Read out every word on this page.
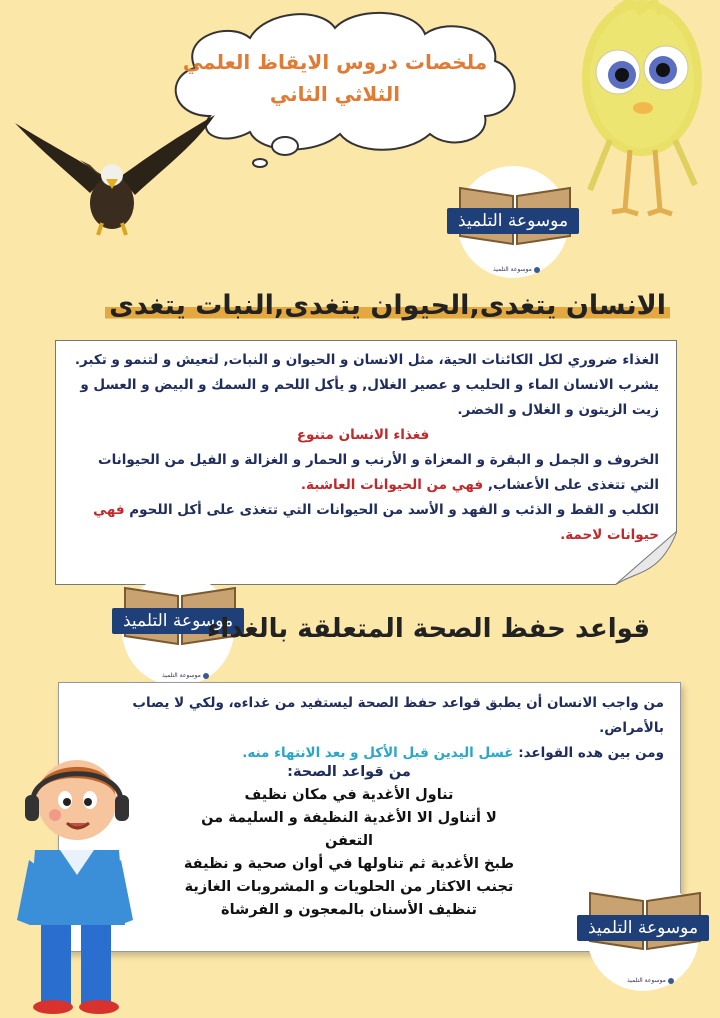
ملخصات دروس الايقاظ العلمي
الثلاثي الثاني
موسوعة التلميذ
موسوعة التلميذ
الانسان يتغدى,الحيوان يتغدى,النبات يتغدى
الغذاء ضروري لكل الكائنات الحية، مثل الانسان و الحيوان و النبات, لتعيش و لتنمو و تكبر.
يشرب الانسان الماء و الحليب و عصير الغلال, و يأكل اللحم و السمك و البيض و العسل و زيت الزيتون و الغلال و الخضر.
فغذاء الانسان متنوع
الخروف و الجمل و البقرة و المعزاة و الأرنب و الحمار و الغزالة و الفيل من الحيوانات التي تتغذى على الأعشاب, فهي من الحيوانات العاشبة.
الكلب و القط و الذئب و الفهد و الأسد من الحيوانات التي تتغذى على أكل اللحوم فهي حيوانات لاحمة.
موسوعة التلميذ
موسوعة التلميذ
قواعد حفظ الصحة المتعلقة بالغداء
من واجب الانسان أن يطبق قواعد حفظ الصحة ليستفيد من غداءه، ولكي لا يصاب بالأمراض.
ومن بين هده القواعد: غسل اليدين قبل الأكل و بعد الانتهاء منه.
من قواعد الصحة:
تناول الأغدية في مكان نظيف
لا أتناول الا الأغدية النظيفة و السليمة من التعفن
طبخ الأغدية ثم تناولها في أوان صحية و نظيفة
تجنب الاكثار من الحلويات و المشروبات الغازية
تنظيف الأسنان بالمعجون و الفرشاة
موسوعة التلميذ
موسوعة التلميذ
